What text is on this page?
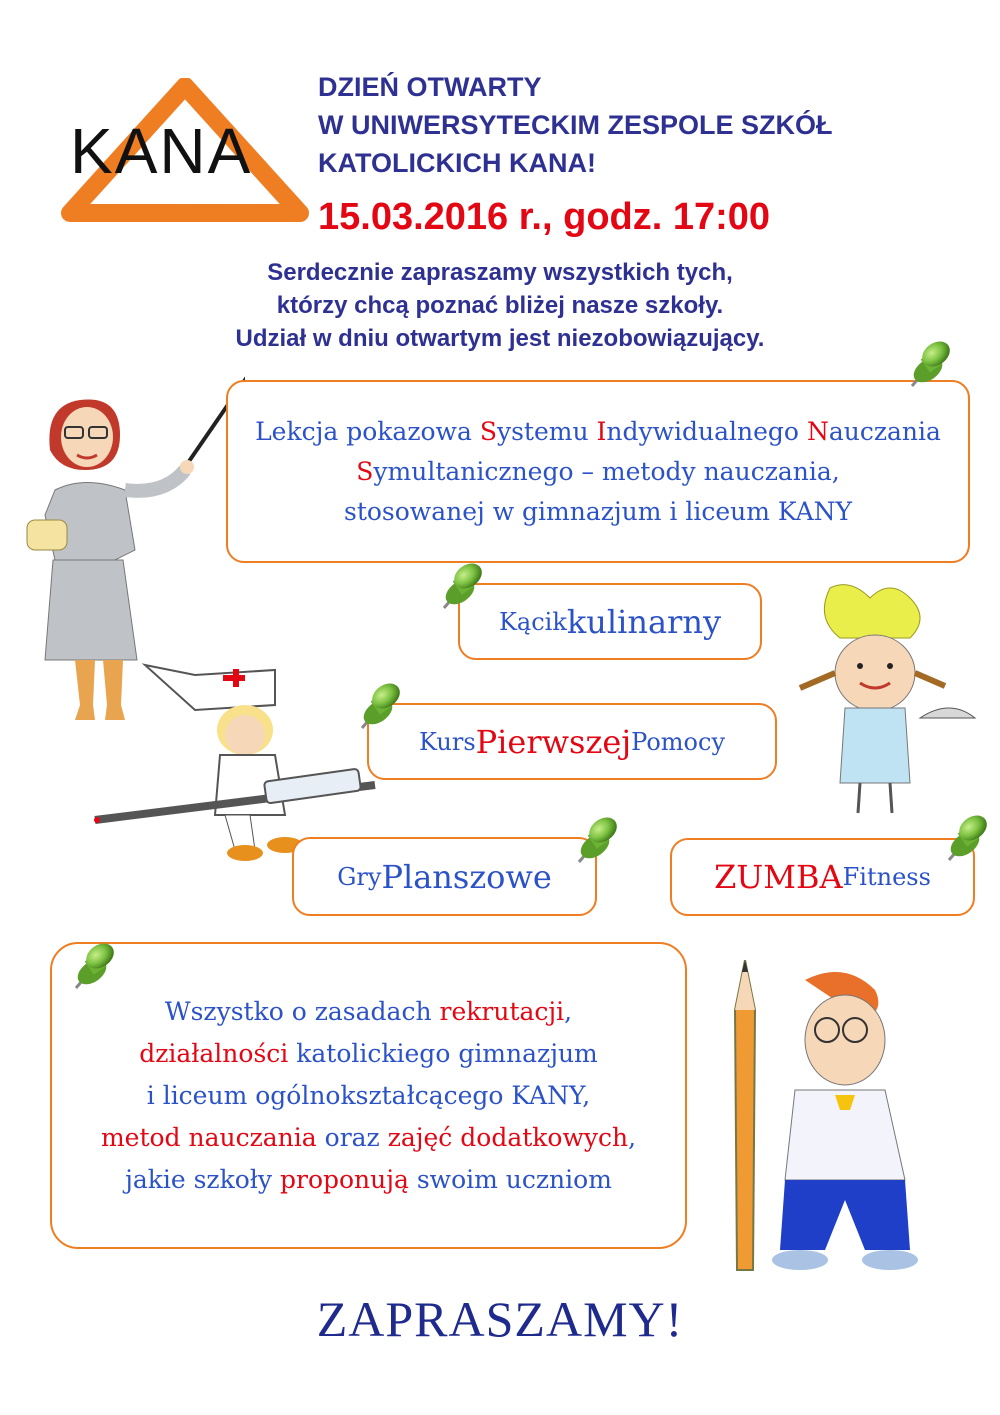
KANA
DZIEŃ OTWARTY
W UNIWERSYTECKIM ZESPOLE SZKÓŁ
KATOLICKICH KANA!
15.03.2016 r., godz. 17:00
Serdecznie zapraszamy wszystkich tych,
którzy chcą poznać bliżej nasze szkoły.
Udział w dniu otwartym jest niezobowiązujący.
Lekcja pokazowa Systemu Indywidualnego Nauczania
Symultanicznego – metody nauczania,
stosowanej w gimnazjum i liceum KANY
Kącik kulinarny
Kurs Pierwszej Pomocy
Gry Planszowe	ZUMBA Fitness
Wszystko o zasadach rekrutacji,
działalności katolickiego gimnazjum
i liceum ogólnokształcącego KANY,
metod nauczania oraz zajęć dodatkowych,
jakie szkoły proponują swoim uczniom
ZAPRASZAMY!
